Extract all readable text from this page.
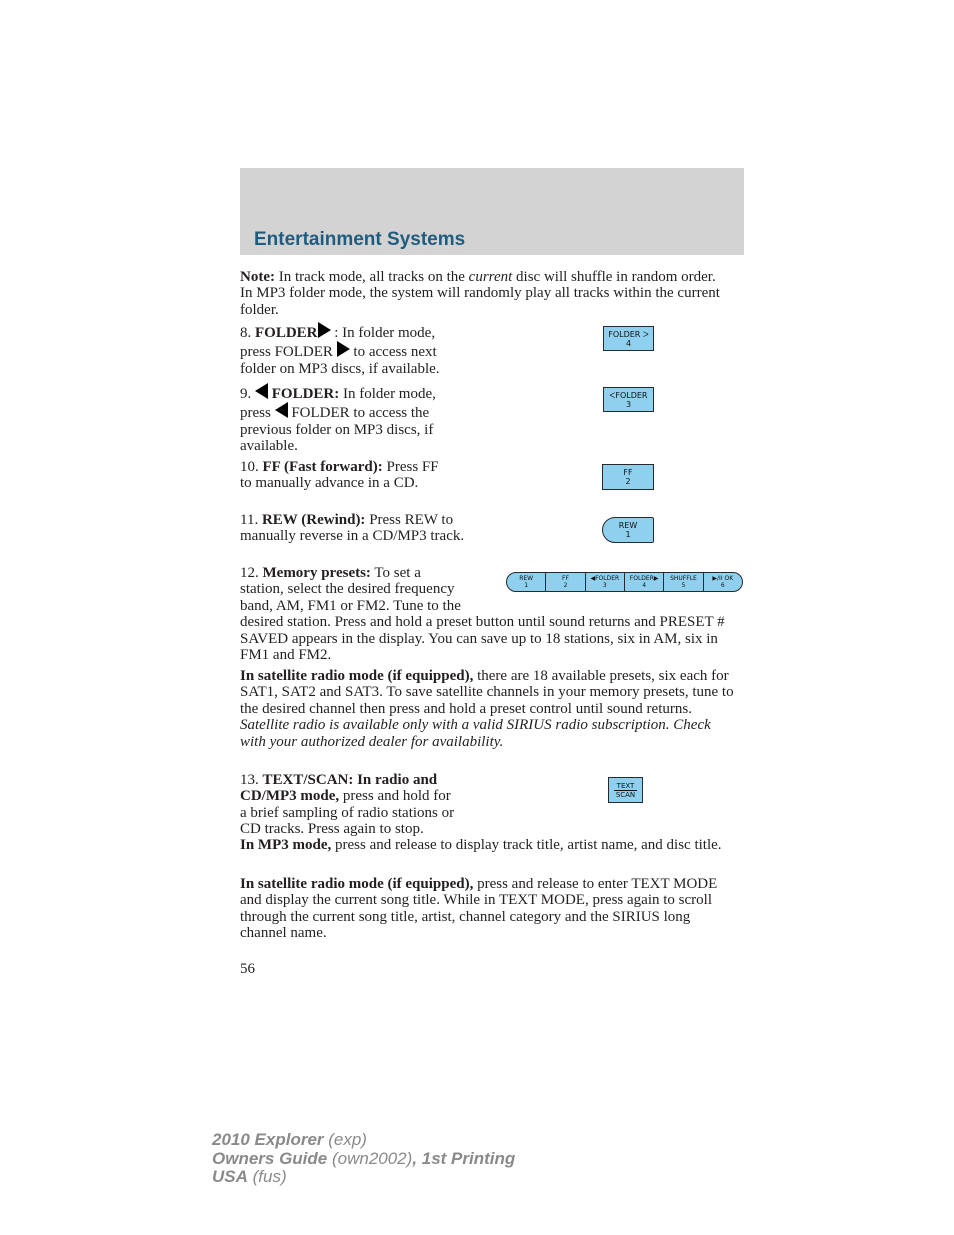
Entertainment Systems

Note: In track mode, all tracks on the current disc will shuffle in random order. In MP3 folder mode, the system will randomly play all tracks within the current folder.

8. FOLDER : In folder mode,
press FOLDER to access next
folder on MP3 discs, if available.

FOLDER ᐳ
4

9. FOLDER: In folder mode,
press FOLDER to access the
previous folder on MP3 discs, if
available.

ᐸFOLDER
3

10. FF (Fast forward): Press FF
to manually advance in a CD.

FF
2

11. REW (Rewind): Press REW to
manually reverse in a CD/MP3 track.

REW
1

12. Memory presets: To set a
station, select the desired frequency
band, AM, FM1 or FM2. Tune to the
desired station. Press and hold a preset button until sound returns and PRESET # SAVED appears in the display. You can save up to 18 stations, six in AM, six in FM1 and FM2.

REW
1
FF
2
◀FOLDER
3
FOLDER▶
4
SHUFFLE
5
▶/II OK
6

In satellite radio mode (if equipped), there are 18 available presets, six each for SAT1, SAT2 and SAT3. To save satellite channels in your memory presets, tune to the desired channel then press and hold a preset control until sound returns.
Satellite radio is available only with a valid SIRIUS radio subscription. Check with your authorized dealer for availability.

13. TEXT/SCAN: In radio and
CD/MP3 mode, press and hold for
a brief sampling of radio stations or
CD tracks. Press again to stop.

TEXT
SCAN

In MP3 mode, press and release to display track title, artist name, and disc title.

In satellite radio mode (if equipped), press and release to enter TEXT MODE and display the current song title. While in TEXT MODE, press again to scroll through the current song title, artist, channel category and the SIRIUS long channel name.

56

2010 Explorer (exp)
Owners Guide (own2002), 1st Printing
USA (fus)
